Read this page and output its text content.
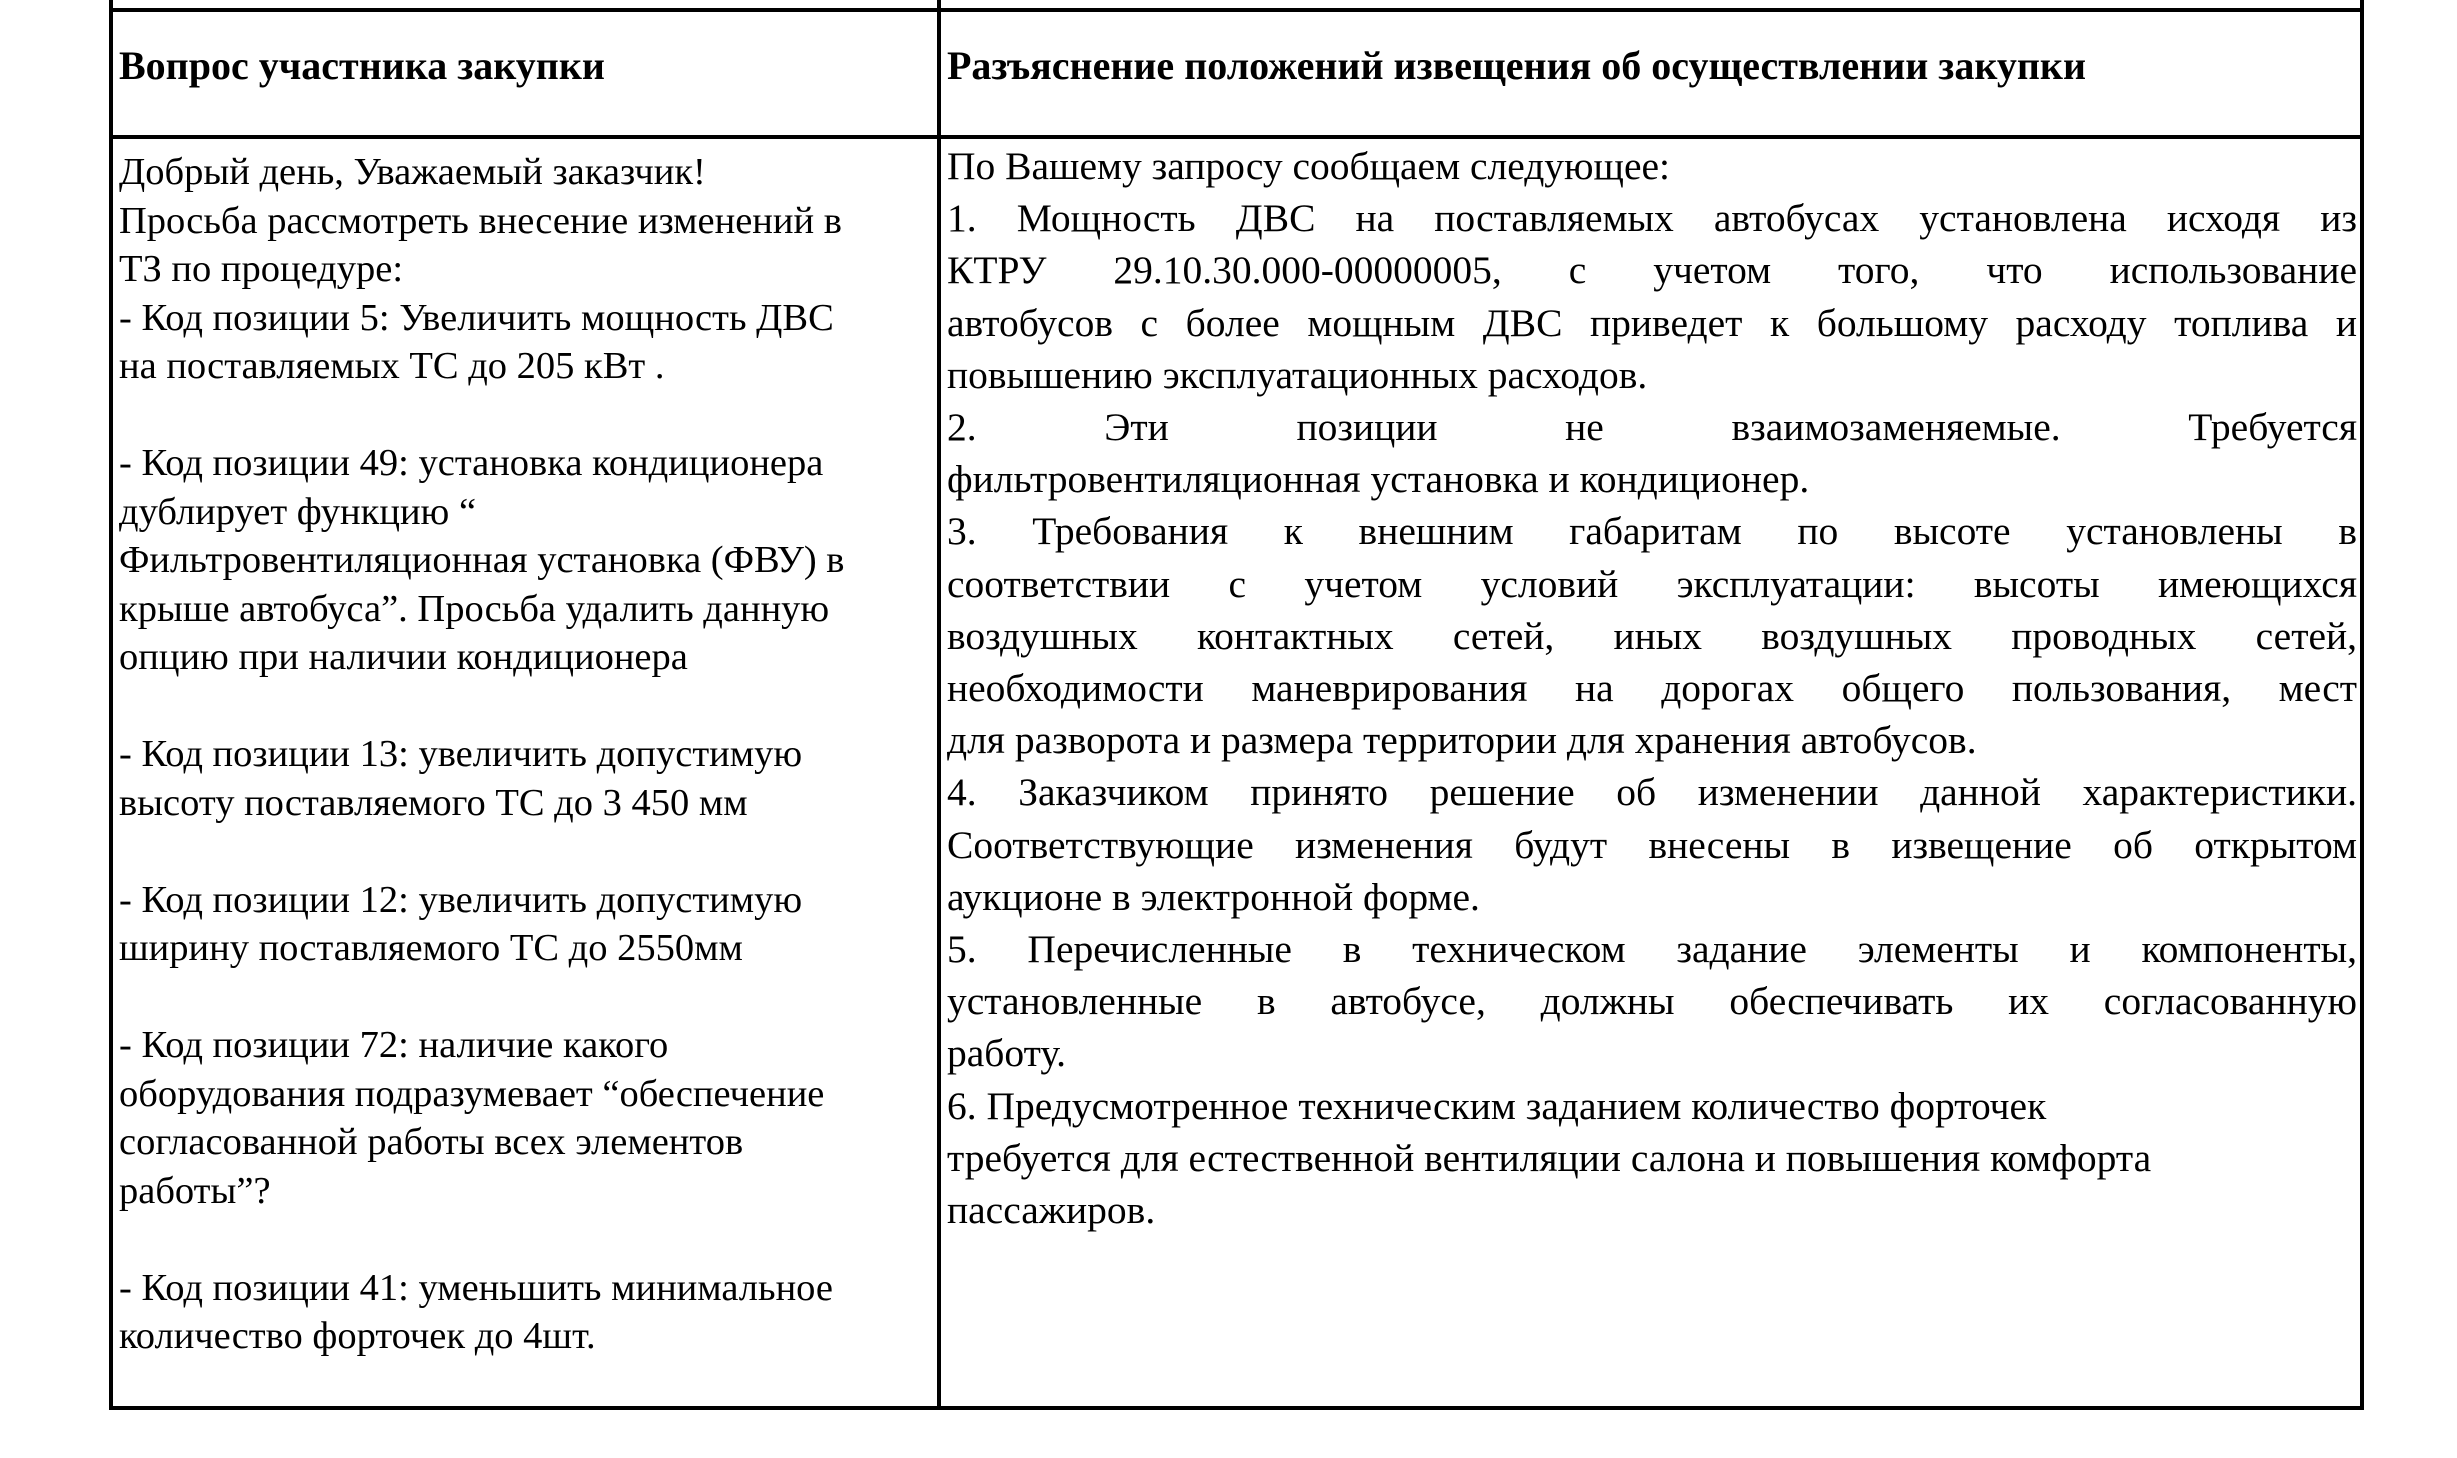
Вопрос участника закупки	Разъяснение положений извещения об осуществлении закупки
Добрый день, Уважаемый заказчик!
Просьба рассмотреть внесение изменений в
ТЗ по процедуре:
- Код позиции 5: Увеличить мощность ДВС
на поставляемых ТС до 205 кВт .
- Код позиции 49: установка кондиционера
дублирует функцию “
Фильтровентиляционная установка (ФВУ) в
крыше автобуса”. Просьба удалить данную
опцию при наличии кондиционера
- Код позиции 13: увеличить допустимую
высоту поставляемого ТС до 3 450 мм
- Код позиции 12: увеличить допустимую
ширину поставляемого ТС до 2550мм
- Код позиции 72: наличие какого
оборудования подразумевает “обеспечение
согласованной работы всех элементов
работы”?
- Код позиции 41: уменьшить минимальное
количество форточек до 4шт.
По Вашему запросу сообщаем следующее:
1. Мощность ДВС на поставляемых автобусах установлена исходя из
КТРУ 29.10.30.000-00000005, с учетом того, что использование
автобусов с более мощным ДВС приведет к большому расходу топлива и
повышению эксплуатационных расходов.
2. Эти позиции не взаимозаменяемые. Требуется
фильтровентиляционная установка и кондиционер.
3. Требования к внешним габаритам по высоте установлены в
соответствии с учетом условий эксплуатации: высоты имеющихся
воздушных контактных сетей, иных воздушных проводных сетей,
необходимости маневрирования на дорогах общего пользования, мест
для разворота и размера территории для хранения автобусов.
4. Заказчиком принято решение об изменении данной характеристики.
Соответствующие изменения будут внесены в извещение об открытом
аукционе в электронной форме.
5. Перечисленные в техническом задание элементы и компоненты,
установленные в автобусе, должны обеспечивать их согласованную
работу.
6. Предусмотренное техническим заданием количество форточек
требуется для естественной вентиляции салона и повышения комфорта
пассажиров.
